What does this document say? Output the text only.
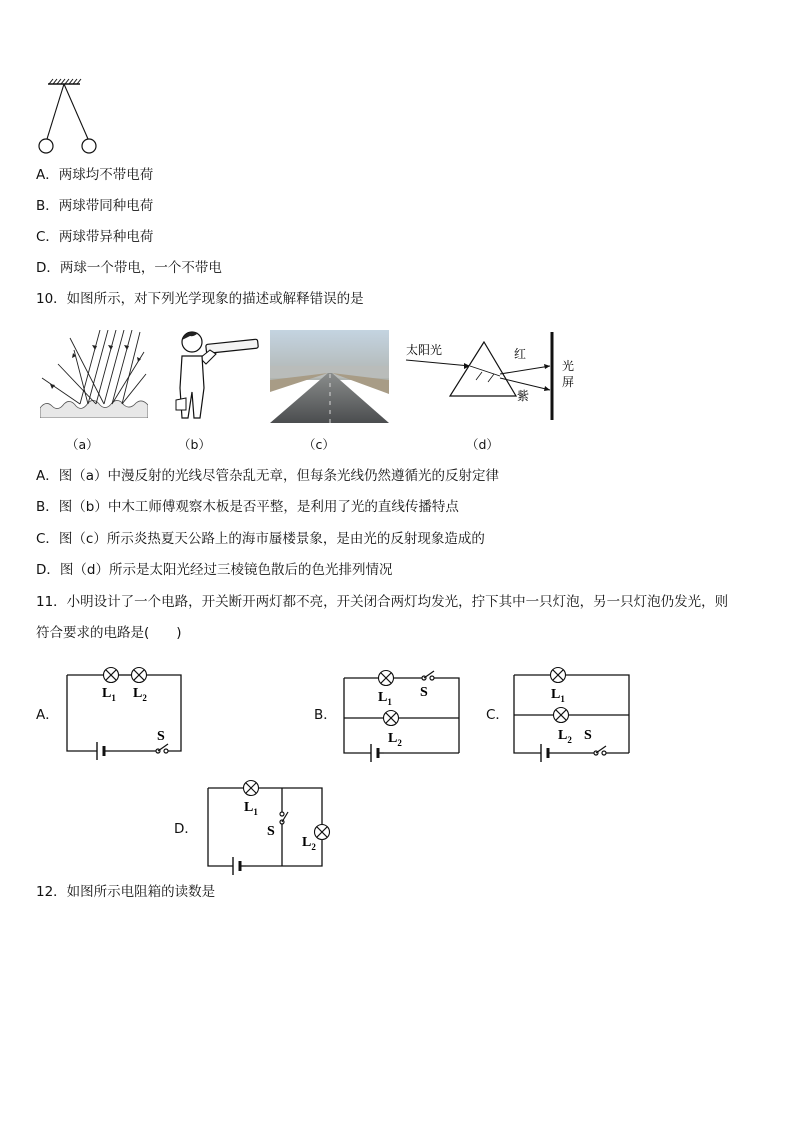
A．两球均不带电荷
B．两球带同种电荷
C．两球带异种电荷
D．两球一个带电，一个不带电
10．如图所示，对下列光学现象的描述或解释错误的是
太阳光	红
紫
光
屏
（a）	（b）	（c）	（d）
A．图（a）中漫反射的光线尽管杂乱无章，但每条光线仍然遵循光的反射定律
B．图（b）中木工师傅观察木板是否平整，是利用了光的直线传播特点
C．图（c）所示炎热夏天公路上的海市蜃楼景象，是由光的反射现象造成的
D．图（d）所示是太阳光经过三棱镜色散后的色光排列情况
11．小明设计了一个电路，开关断开两灯都不亮，开关闭合两灯均发光，拧下其中一只灯泡，另一只灯泡仍发光，则
符合要求的电路是(　　)
A．	B．	C．
D．
$L_1$ $L_2$
S
$L_1$
S
$L_2$
$L_1$
$L_2$ S
$L_1$
S
$L_2$
12．如图所示电阻箱的读数是
